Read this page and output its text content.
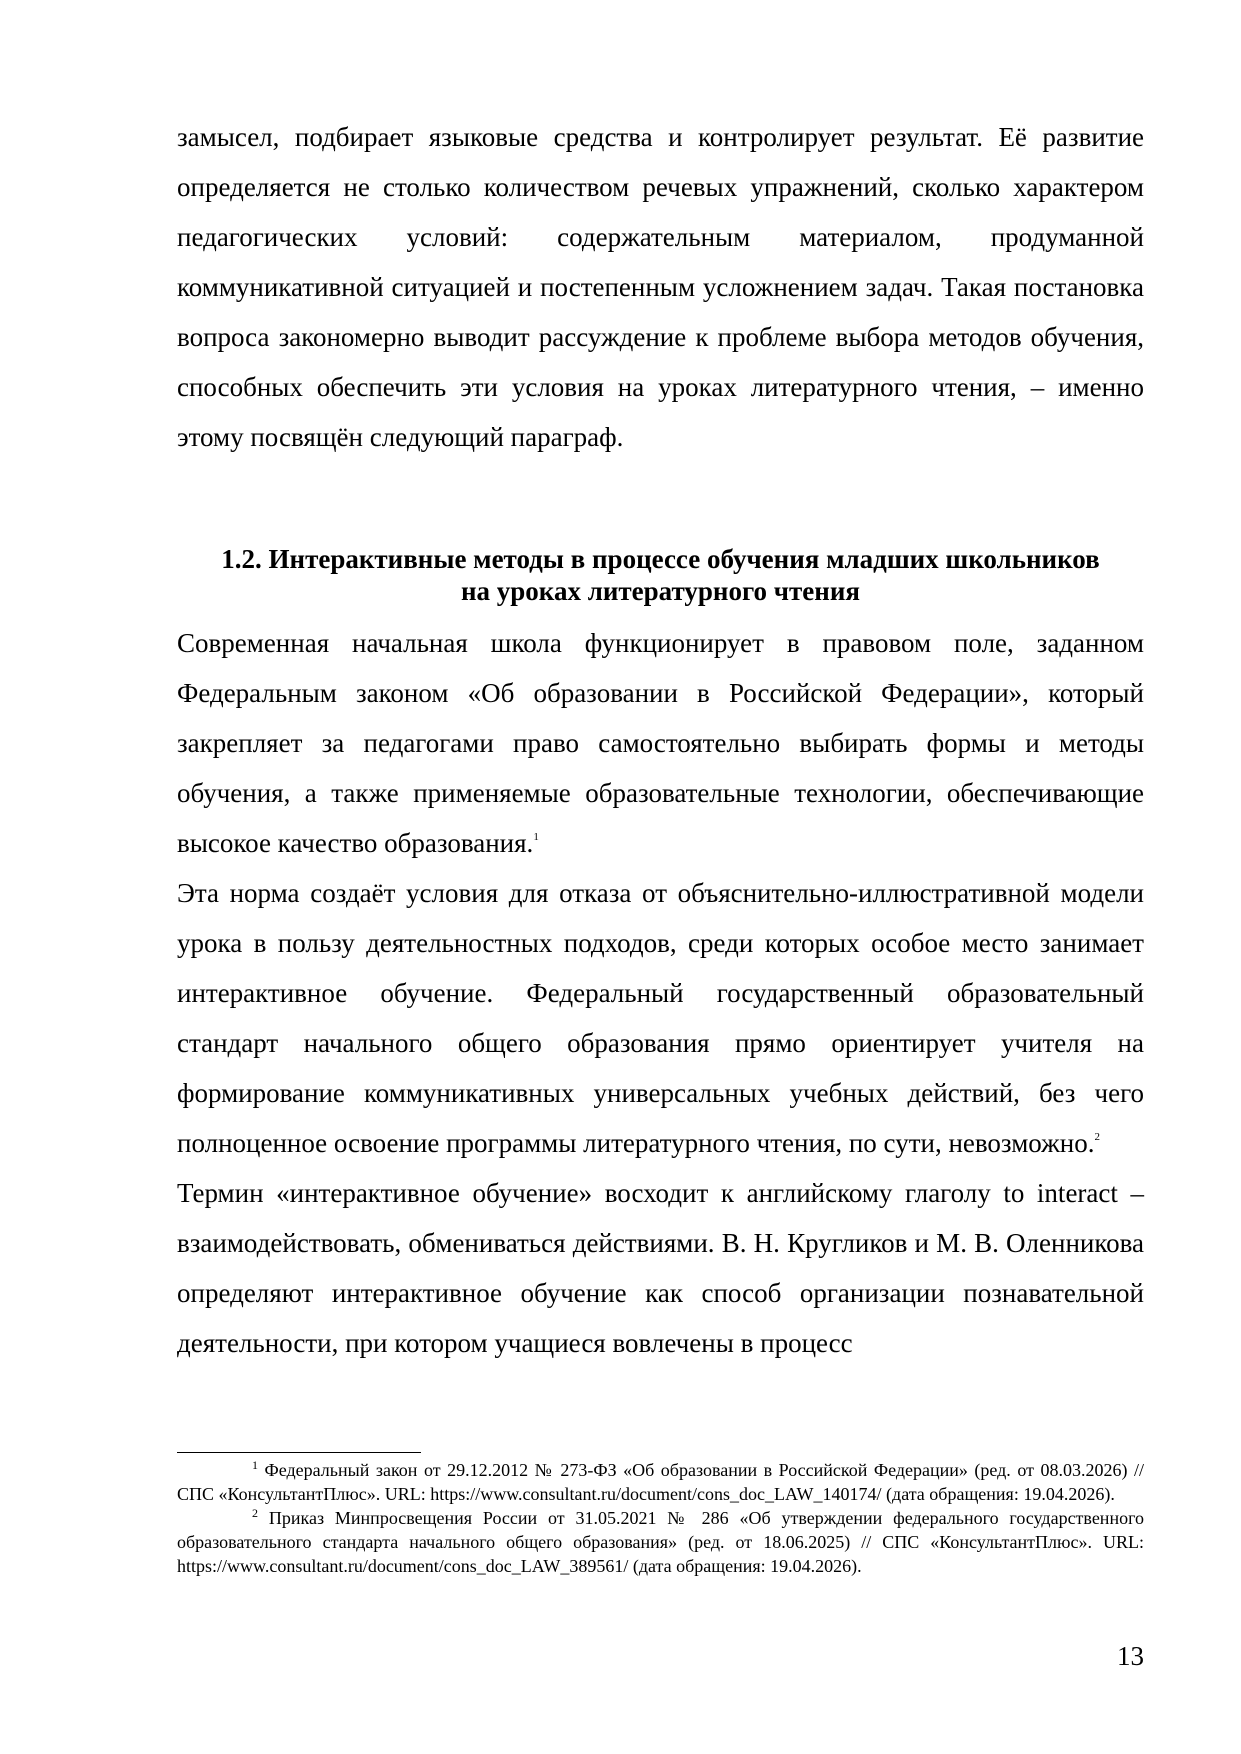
замысел, подбирает языковые средства и контролирует результат. Её развитие определяется не столько количеством речевых упражнений, сколько характером педагогических условий: содержательным материалом, продуманной коммуникативной ситуацией и постепенным усложнением задач. Такая постановка вопроса закономерно выводит рассуждение к проблеме выбора методов обучения, способных обеспечить эти условия на уроках литературного чтения, – именно этому посвящён следующий параграф.

1.2. Интерактивные методы в процессе обучения младших школьников
на уроках литературного чтения

Современная начальная школа функционирует в правовом поле, заданном Федеральным законом «Об образовании в Российской Федерации», который закрепляет за педагогами право самостоятельно выбирать формы и методы обучения, а также применяемые образовательные технологии, обеспечивающие высокое качество образования.$^1$

Эта норма создаёт условия для отказа от объяснительно-иллюстративной модели урока в пользу деятельностных подходов, среди которых особое место занимает интерактивное обучение. Федеральный государственный образовательный стандарт начального общего образования прямо ориентирует учителя на формирование коммуникативных универсальных учебных действий, без чего полноценное освоение программы литературного чтения, по сути, невозможно.$^2$

Термин «интерактивное обучение» восходит к английскому глаголу to interact – взаимодействовать, обмениваться действиями. В. Н. Кругликов и М. В. Оленникова определяют интерактивное обучение как способ организации познавательной деятельности, при котором учащиеся вовлечены в процесс

$^1$ Федеральный закон от 29.12.2012 № 273-ФЗ «Об образовании в Российской Федерации» (ред. от 08.03.2026) // СПС «КонсультантПлюс». URL: https://www.consultant.ru/document/cons_doc_LAW_140174/ (дата обращения: 19.04.2026).

$^2$ Приказ Минпросвещения России от 31.05.2021 № 286 «Об утверждении федерального государственного образовательного стандарта начального общего образования» (ред. от 18.06.2025) // СПС «КонсультантПлюс». URL: https://www.consultant.ru/document/cons_doc_LAW_389561/ (дата обращения: 19.04.2026).

13
